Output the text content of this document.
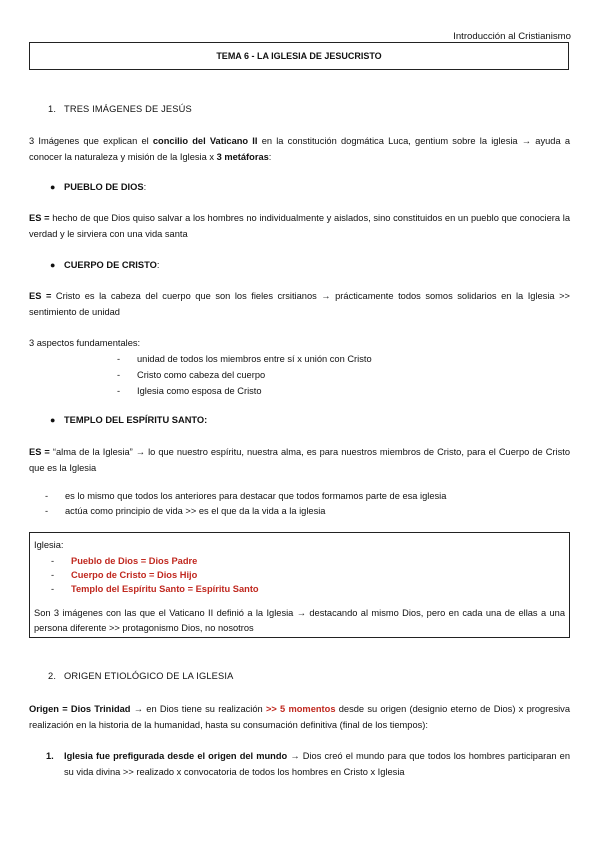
Introducción al Cristianismo
TEMA 6 - LA IGLESIA DE JESUCRISTO
1. TRES IMÁGENES DE JESÚS

3 Imágenes que explican el concilio del Vaticano II en la constitución dogmática Luca, gentium sobre la iglesia → ayuda a conocer la naturaleza y misión de la Iglesia x 3 metáforas:

● PUEBLO DE DIOS:

ES = hecho de que Dios quiso salvar a los hombres no individualmente y aislados, sino constituidos en un pueblo que conociera la verdad y le sirviera con una vida santa

● CUERPO DE CRISTO:

ES = Cristo es la cabeza del cuerpo que son los fieles crsitianos → prácticamente todos somos solidarios en la Iglesia >> sentimiento de unidad

3 aspectos fundamentales:
- unidad de todos los miembros entre sí x unión con Cristo
- Cristo como cabeza del cuerpo
- Iglesia como esposa de Cristo
● TEMPLO DEL ESPÍRITU SANTO:

ES = “alma de la Iglesia” → lo que nuestro espíritu, nuestra alma, es para nuestros miembros de Cristo, para el Cuerpo de Cristo que es la Iglesia

- es lo mismo que todos los anteriores para destacar que todos formamos parte de esa iglesia
- actúa como principio de vida >> es el que da la vida a la iglesia
Iglesia:
- Pueblo de Dios = Dios Padre
- Cuerpo de Cristo = Dios Hijo
- Templo del Espíritu Santo = Espíritu Santo
Son 3 imágenes con las que el Vaticano II definió a la Iglesia → destacando al mismo Dios, pero en cada una de ellas a una persona diferente >> protagonismo Dios, no nosotros
2. ORIGEN ETIOLÓGICO DE LA IGLESIA

Origen = Dios Trinidad → en Dios tiene su realización >> 5 momentos desde su origen (designio eterno de Dios) x progresiva realización en la historia de la humanidad, hasta su consumación definitiva (final de los tiempos):

1. Iglesia fue prefigurada desde el origen del mundo → Dios creó el mundo para que todos los hombres participaran en su vida divina >> realizado x convocatoria de todos los hombres en Cristo x Iglesia
